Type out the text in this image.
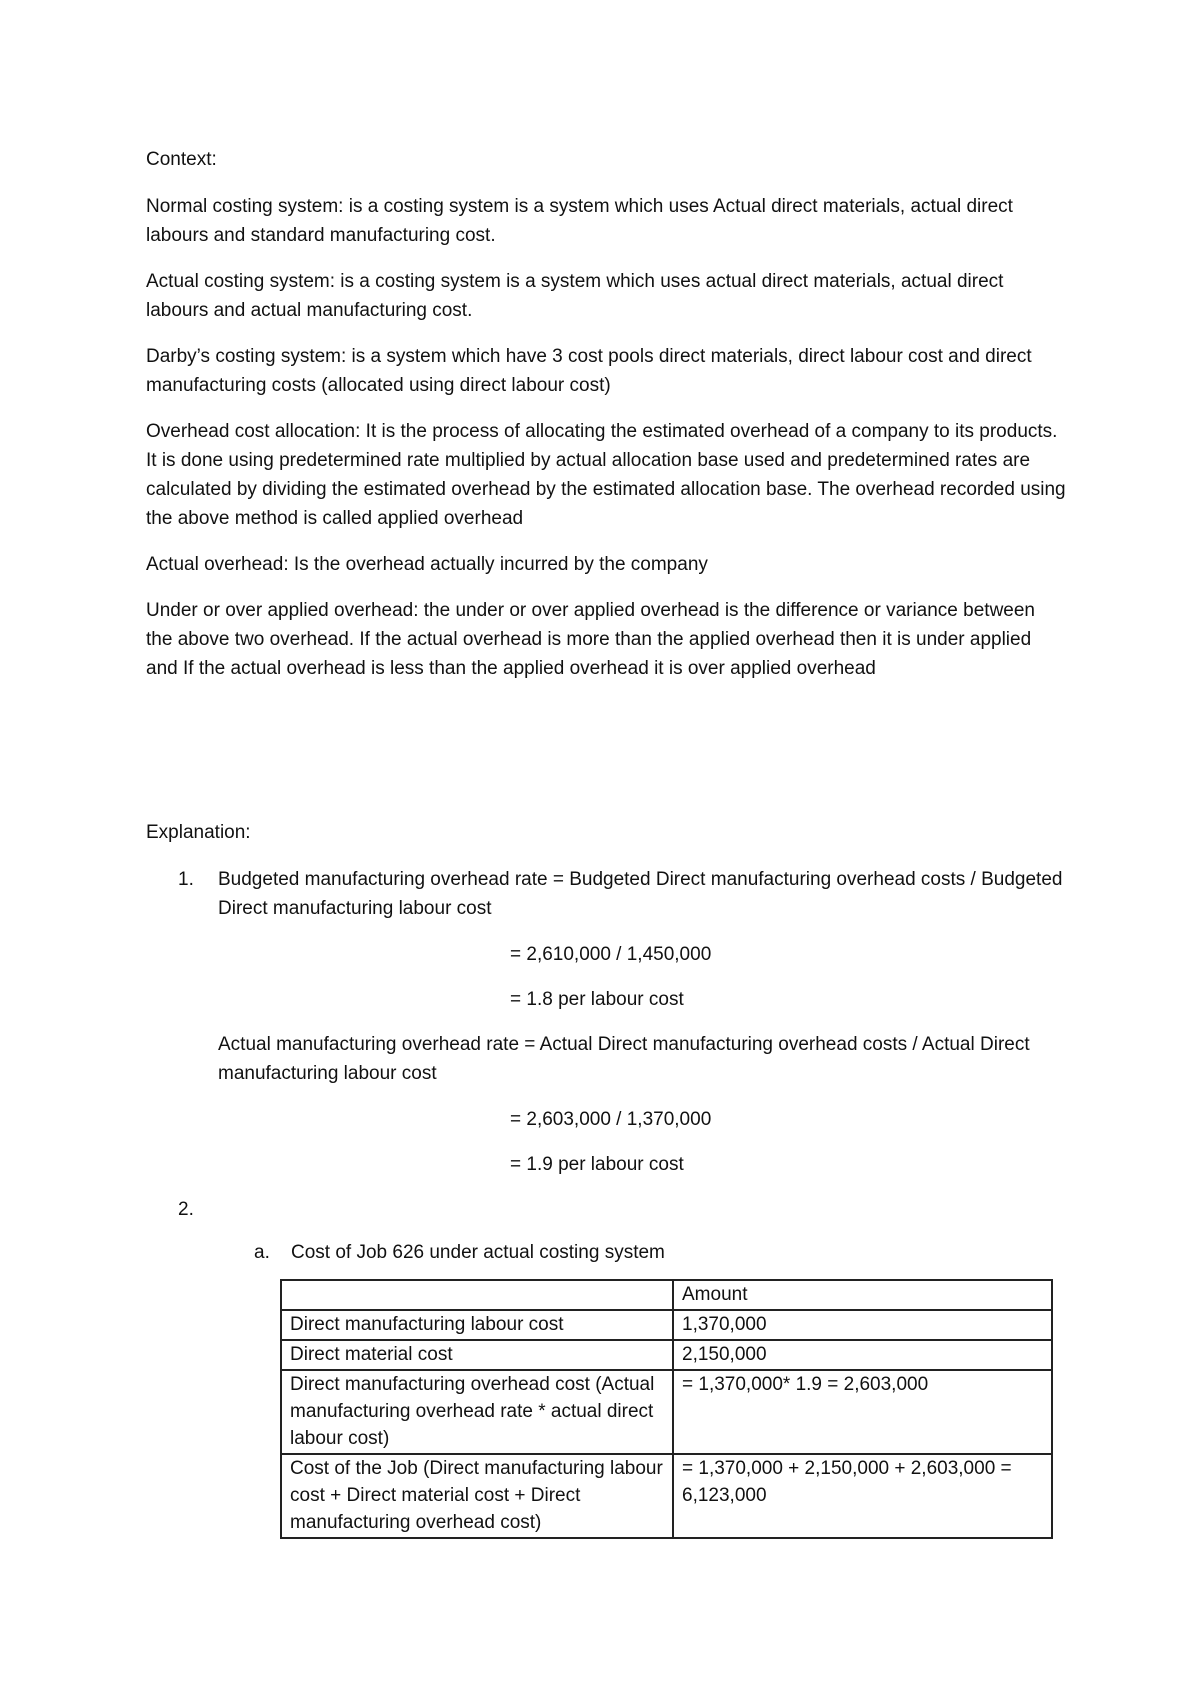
Context:

Normal costing system: is a costing system is a system which uses Actual direct materials, actual direct labours and standard manufacturing cost.

Actual costing system: is a costing system is a system which uses actual direct materials, actual direct labours and actual manufacturing cost.

Darby’s costing system: is a system which have 3 cost pools direct materials, direct labour cost and direct manufacturing costs (allocated using direct labour cost)

Overhead cost allocation: It is the process of allocating the estimated overhead of a company to its products. It is done using predetermined rate multiplied by actual allocation base used and predetermined rates are calculated by dividing the estimated overhead by the estimated allocation base. The overhead recorded using the above method is called applied overhead

Actual overhead: Is the overhead actually incurred by the company

Under or over applied overhead: the under or over applied overhead is the difference or variance between the above two overhead. If the actual overhead is more than the applied overhead then it is under applied and If the actual overhead is less than the applied overhead it is over applied overhead

Explanation:

1. Budgeted manufacturing overhead rate = Budgeted Direct manufacturing overhead costs / Budgeted Direct manufacturing labour cost

= 2,610,000 / 1,450,000

= 1.8 per labour cost

Actual manufacturing overhead rate = Actual Direct manufacturing overhead costs / Actual Direct manufacturing labour cost

= 2,603,000 / 1,370,000

= 1.9 per labour cost

2.

a. Cost of Job 626 under actual costing system
	Amount
Direct manufacturing labour cost	1,370,000
Direct material cost	2,150,000
Direct manufacturing overhead cost (Actual manufacturing overhead rate * actual direct labour cost)	= 1,370,000* 1.9 = 2,603,000
Cost of the Job (Direct manufacturing labour cost + Direct material cost + Direct manufacturing overhead cost)	= 1,370,000 + 2,150,000 + 2,603,000 = 6,123,000
